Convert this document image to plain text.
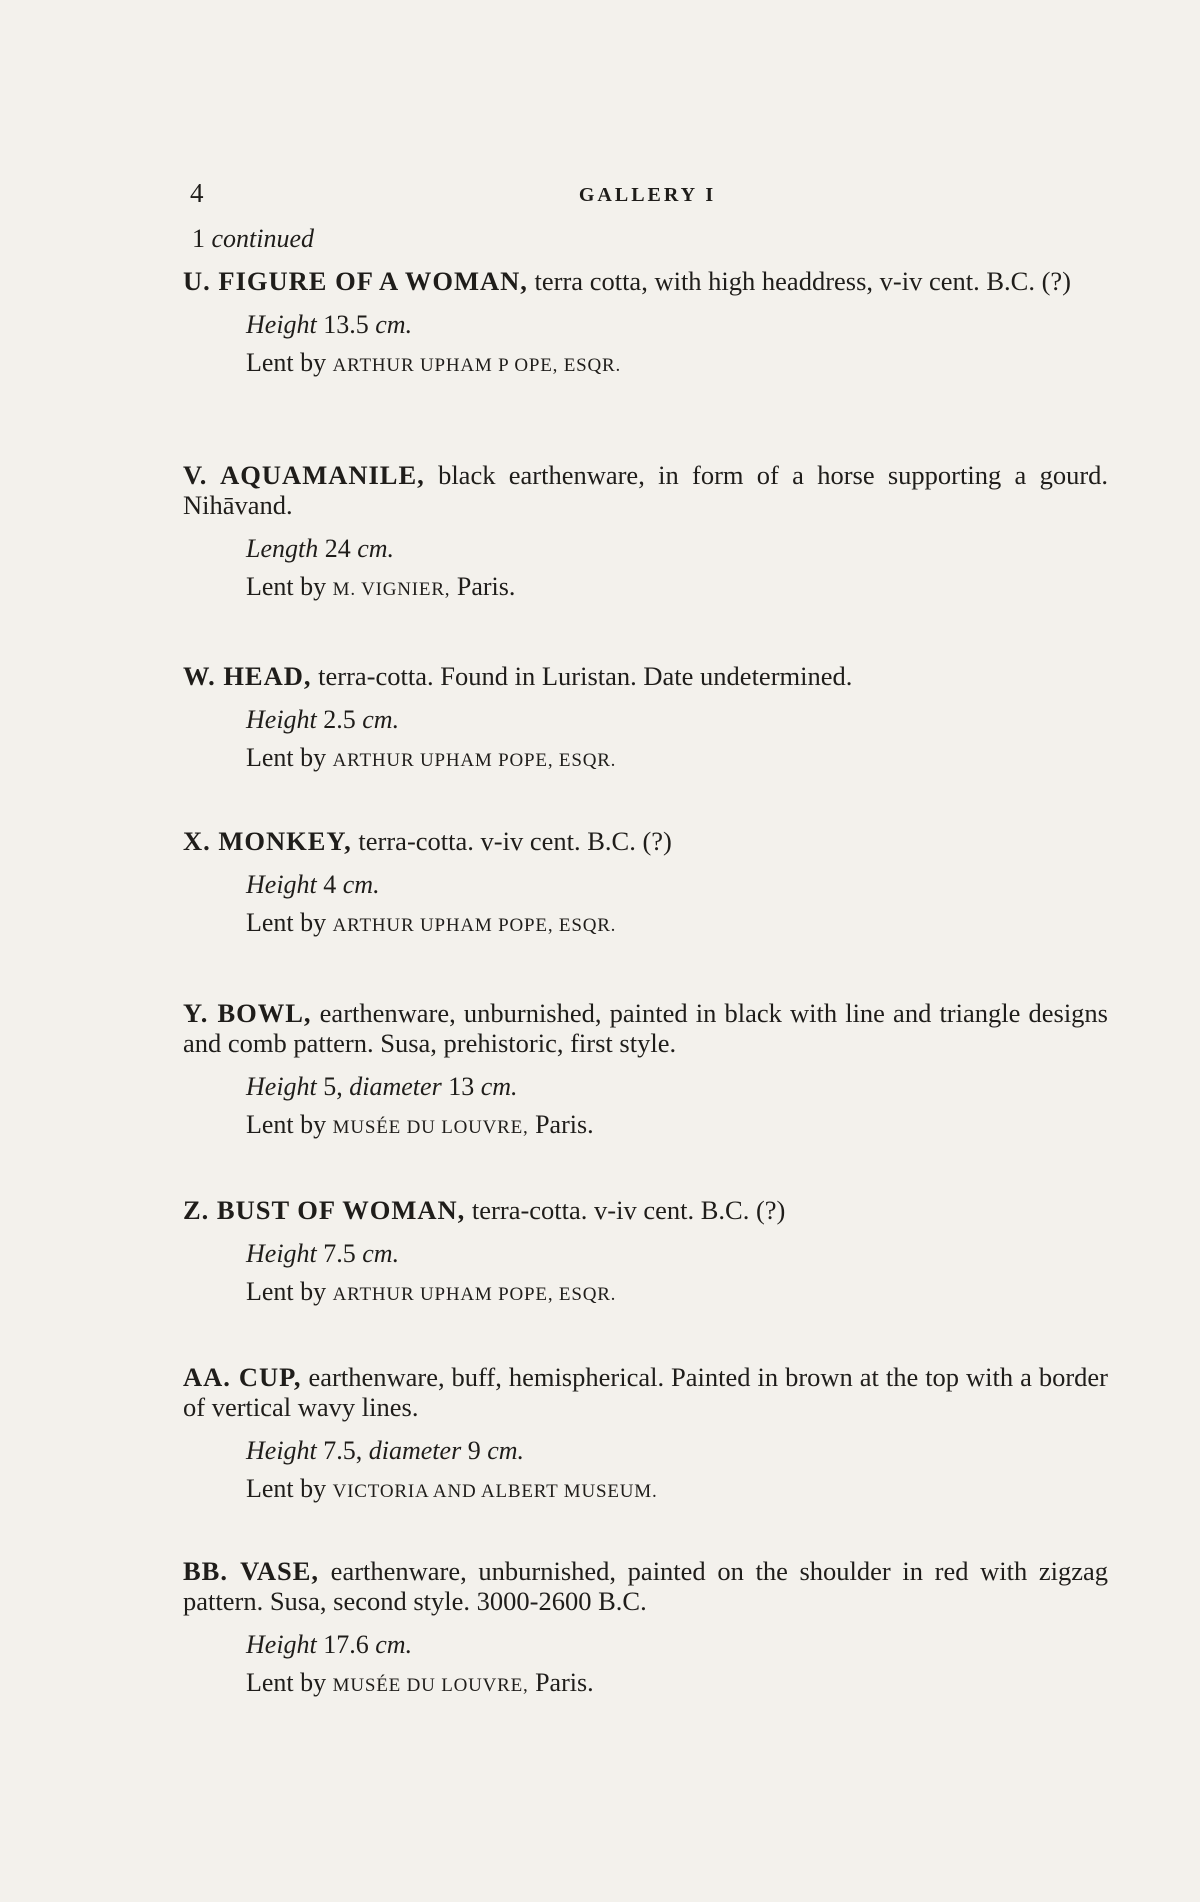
4	GALLERY I
1 continued
U. FIGURE OF A WOMAN, terra cotta, with high headdress, v-iv cent. B.C. (?)
Height 13.5 cm.
Lent by ARTHUR UPHAM P OPE, ESQR.
V. AQUAMANILE, black earthenware, in form of a horse supporting a gourd. Nihāvand.
Length 24 cm.
Lent by M. VIGNIER, Paris.
W. HEAD, terra-cotta. Found in Luristan. Date undetermined.
Height 2.5 cm.
Lent by ARTHUR UPHAM POPE, ESQR.
X. MONKEY, terra-cotta. v-iv cent. B.C. (?)
Height 4 cm.
Lent by ARTHUR UPHAM POPE, ESQR.
Y. BOWL, earthenware, unburnished, painted in black with line and triangle designs and comb pattern. Susa, prehistoric, first style.
Height 5, diameter 13 cm.
Lent by MUSÉE DU LOUVRE, Paris.
Z. BUST OF WOMAN, terra-cotta. v-iv cent. B.C. (?)
Height 7.5 cm.
Lent by ARTHUR UPHAM POPE, ESQR.
AA. CUP, earthenware, buff, hemispherical. Painted in brown at the top with a border of vertical wavy lines.
Height 7.5, diameter 9 cm.
Lent by VICTORIA AND ALBERT MUSEUM.
BB. VASE, earthenware, unburnished, painted on the shoulder in red with zigzag pattern. Susa, second style. 3000-2600 B.C.
Height 17.6 cm.
Lent by MUSÉE DU LOUVRE, Paris.
